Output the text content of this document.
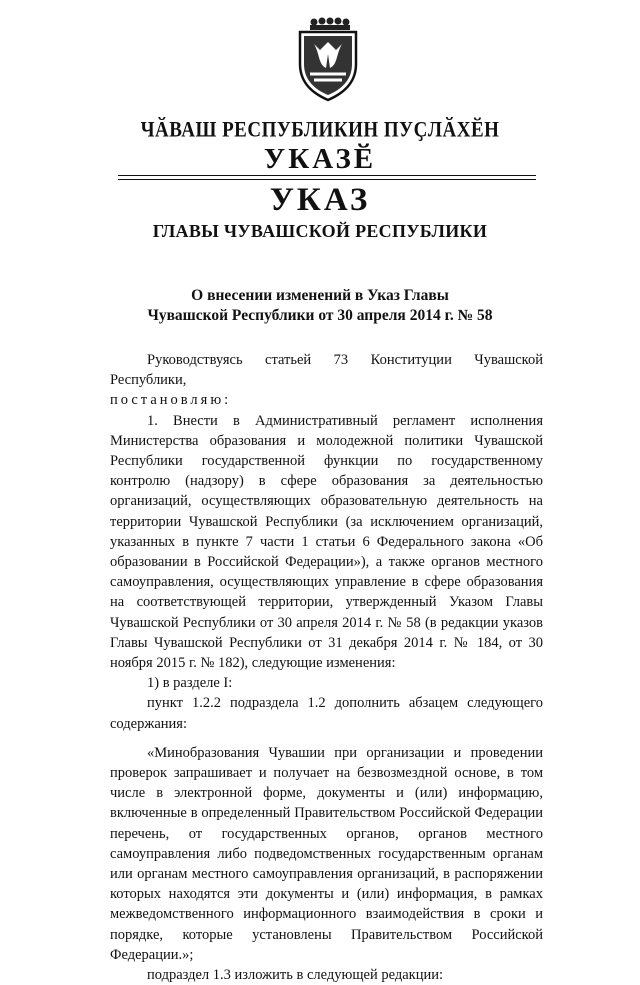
ЧӐВАШ РЕСПУБЛИКИН ПУҪЛӐХӖН
УКАЗӖ
УКАЗ
ГЛАВЫ ЧУВАШСКОЙ РЕСПУБЛИКИ
О внесении изменений в Указ Главы
Чувашской Республики от 30 апреля 2014 г. № 58

Руководствуясь статьей 73 Конституции Чувашской Республики,

постановляю:

1. Внести в Административный регламент исполнения Министерства образования и молодежной политики Чувашской Республики государственной функции по государственному контролю (надзору) в сфере образования за деятельностью организаций, осуществляющих образовательную деятельность на территории Чувашской Республики (за исключением организаций, указанных в пункте 7 части 1 статьи 6 Федерального закона «Об образовании в Российской Федерации»), а также органов местного самоуправления, осуществляющих управление в сфере образования на соответствующей территории, утвержденный Указом Главы Чувашской Республики от 30 апреля 2014 г. № 58 (в редакции указов Главы Чувашской Республики от 31 декабря 2014 г. № 184, от 30 ноября 2015 г. № 182), следующие изменения:

1) в разделе I:

пункт 1.2.2 подраздела 1.2 дополнить абзацем следующего содержания:

«Минобразования Чувашии при организации и проведении проверок запрашивает и получает на безвозмездной основе, в том числе в электронной форме, документы и (или) информацию, включенные в определенный Правительством Российской Федерации перечень, от государственных органов, органов местного самоуправления либо подведомственных государственным органам или органам местного самоуправления организаций, в распоряжении которых находятся эти документы и (или) информация, в рамках межведомственного информационного взаимодействия в сроки и порядке, которые установлены Правительством Российской Федерации.»;

подраздел 1.3 изложить в следующей редакции:
